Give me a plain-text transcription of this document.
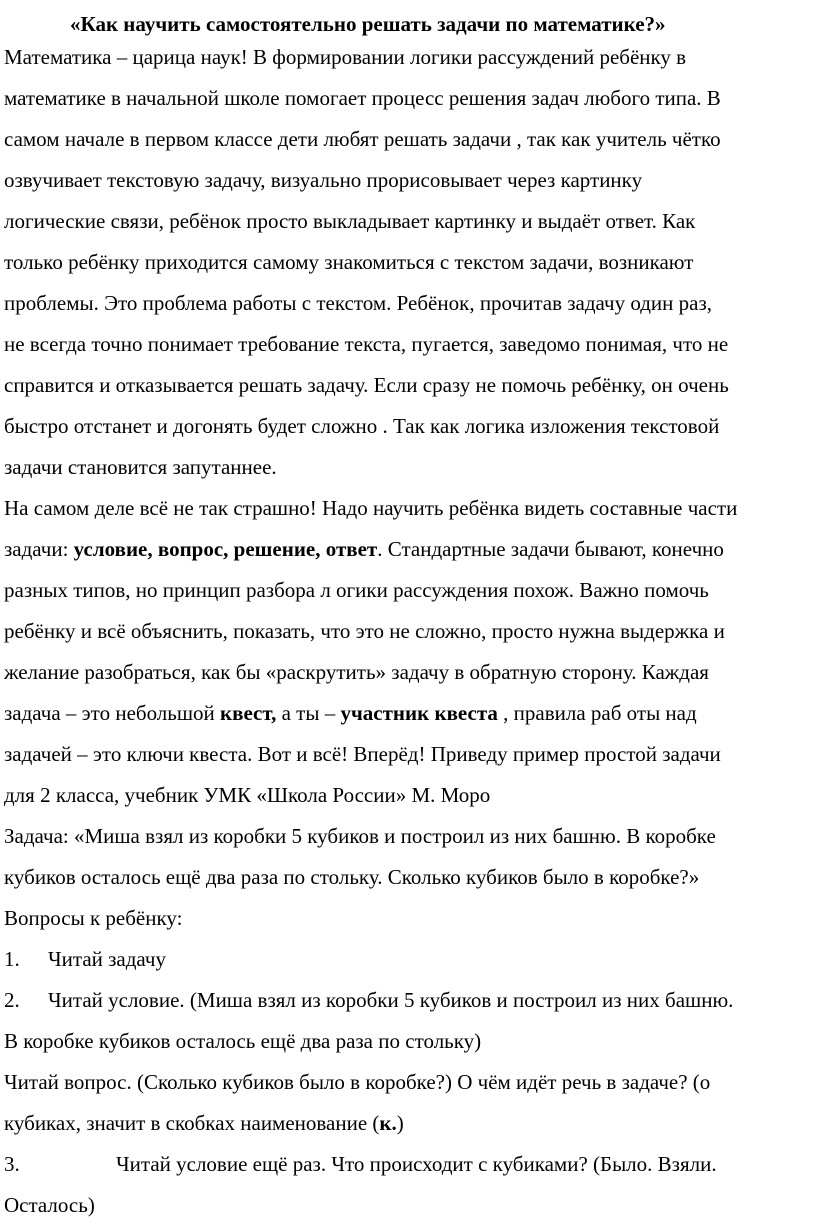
«Как научить самостоятельно решать задачи по математике?»
Математика – царица наук! В формировании логики рассуждений ребёнку в
математике в начальной школе помогает процесс решения задач любого типа. В
самом начале в первом классе дети любят решать задачи , так как учитель чётко
озвучивает текстовую задачу, визуально прорисовывает через картинку
логические связи, ребёнок просто выкладывает картинку и выдаёт ответ. Как
только ребёнку приходится самому знакомиться с текстом задачи, возникают
проблемы. Это проблема работы с текстом. Ребёнок, прочитав задачу один раз,
не всегда точно понимает требование текста, пугается, заведомо понимая, что не
справится и отказывается решать задачу. Если сразу не помочь ребёнку, он очень
быстро отстанет и догонять будет сложно . Так как логика изложения текстовой
задачи становится запутаннее.
На самом деле всё не так страшно! Надо научить ребёнка видеть составные части
задачи: условие, вопрос, решение, ответ. Стандартные задачи бывают, конечно
разных типов, но принцип разбора л огики рассуждения похож. Важно помочь
ребёнку и всё объяснить, показать, что это не сложно, просто нужна выдержка и
желание разобраться, как бы «раскрутить» задачу в обратную сторону. Каждая
задача – это небольшой квест, а ты – участник квеста , правила раб оты над
задачей – это ключи квеста. Вот и всё! Вперёд! Приведу пример простой задачи
для 2 класса, учебник УМК «Школа России» М. Моро
Задача: «Миша взял из коробки 5 кубиков и построил из них башню. В коробке
кубиков осталось ещё два раза по стольку. Сколько кубиков было в коробке?»
Вопросы к ребёнку:
1. Читай задачу
2. Читай условие. (Миша взял из коробки 5 кубиков и построил из них башню.
В коробке кубиков осталось ещё два раза по стольку)
Читай вопрос. (Сколько кубиков было в коробке?) О чём идёт речь в задаче? (о
кубиках, значит в скобках наименование (к.)
3.	Читай условие ещё раз. Что происходит с кубиками? (Было. Взяли.
Осталось)
